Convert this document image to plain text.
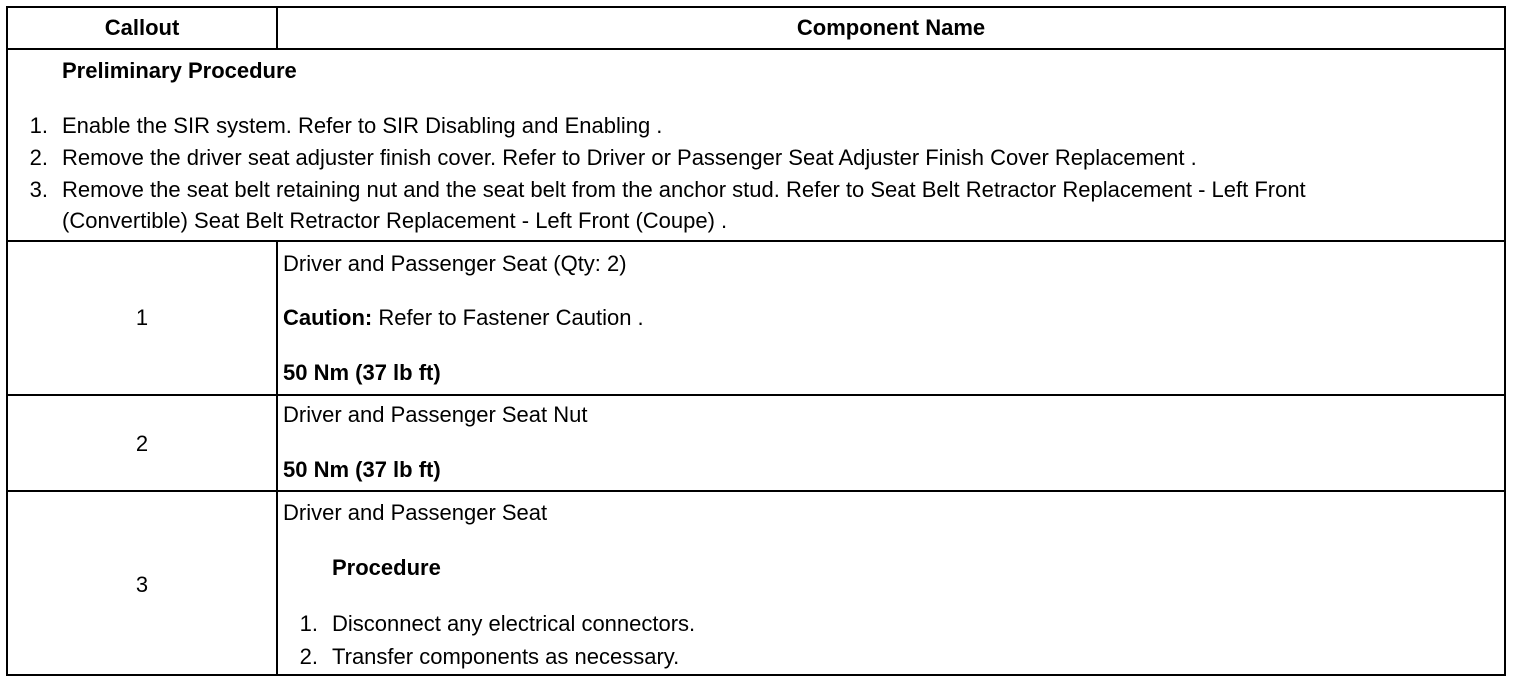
Callout	Component Name
Preliminary Procedure
1. Enable the SIR system. Refer to SIR Disabling and Enabling .
2. Remove the driver seat adjuster finish cover. Refer to Driver or Passenger Seat Adjuster Finish Cover Replacement .
3. Remove the seat belt retaining nut and the seat belt from the anchor stud. Refer to Seat Belt Retractor Replacement - Left Front
(Convertible) Seat Belt Retractor Replacement - Left Front (Coupe) .
1
Driver and Passenger Seat (Qty: 2)
Caution: Refer to Fastener Caution .
50 Nm (37 lb ft)
2
Driver and Passenger Seat Nut
50 Nm (37 lb ft)
3
Driver and Passenger Seat
Procedure
1. Disconnect any electrical connectors.
2. Transfer components as necessary.
